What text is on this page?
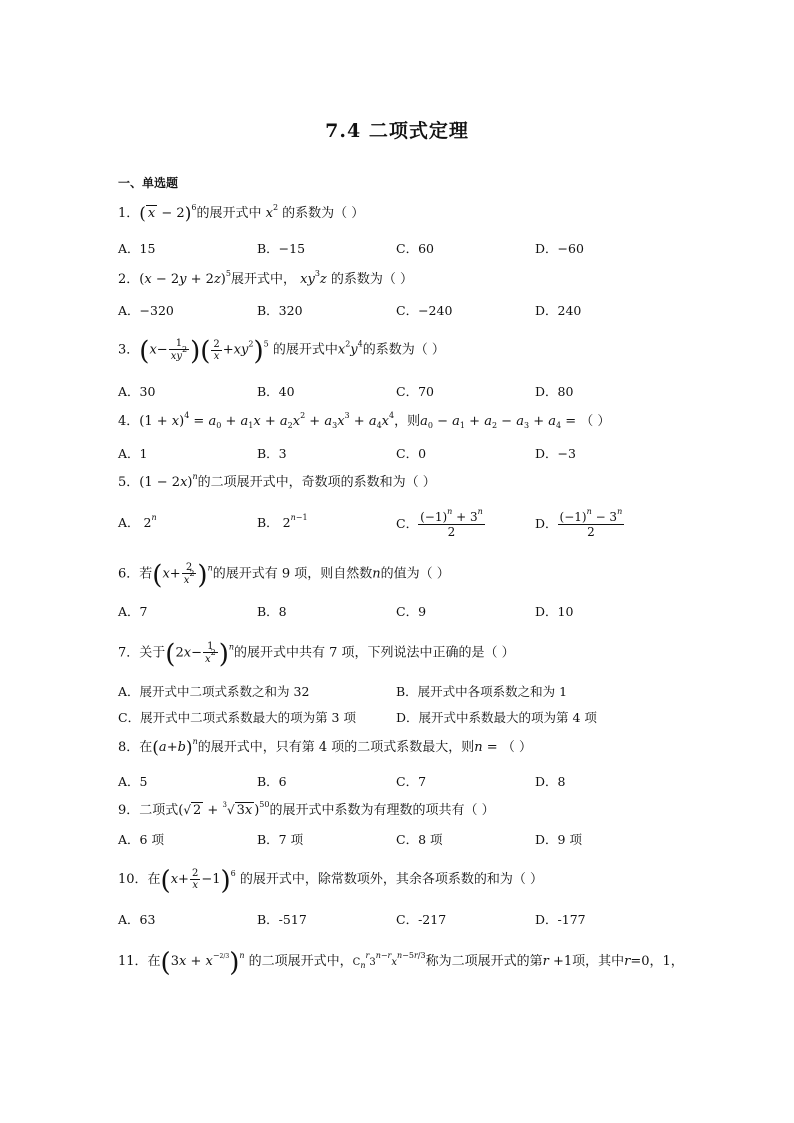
7.4 二项式定理
一、单选题
1．( x − 2)$^6$的展开式中 $x^2$ 的系数为（ ）
A．15	B．−15	C．60	D．−60
2．$(x - 2y + 2z)^5$展开式中， $xy^3z$ 的系数为（ ）
A．−320	B．320	C．−240	D．240
3．($x- \frac{1}{xy^2}$ )( $\frac{2}{x} +xy^2)^5$ 的展开式中$x^2y^4$的系数为（ ）
A．30	B．40	C．70	D．80
4．$(1 + x)^4 = a_0 + a_1x + a_2x^2 + a_3x^3 + a_4x^4$，则$a_0 - a_1 + a_2 - a_3 + a_4$ = （ ）
A．1	B．3	C．0	D．−3
5．$(1 - 2x)^n$的二项展开式中，奇数项的系数和为（ ）
A． 2$^n$	B． $2^{n-1}$	C． $\frac{(-1)^n + 3^n}{2}$	D． $\frac{(-1)^n - 3^n}{2}$
6．若$(x+ \frac{2}{x^2} )^n$的展开式有 9 项，则自然数n的值为（ ）
A．7	B．8	C．9	D．10
7．关于$(2x- \frac{1}{x^2} )^n$的展开式中共有 7 项，下列说法中正确的是（ ）
A．展开式中二项式系数之和为 32	B．展开式中各项系数之和为 1
C．展开式中二项式系数最大的项为第 3 项	D．展开式中系数最大的项为第 4 项
8．在$(a+b)^n$的展开式中，只有第 4 项的二项式系数最大，则n = （ ）
A．5	B．6	C．7	D．8
9．二项式(√ 2 + $^3$√ 3x )$^{50}$的展开式中系数为有理数的项共有（ ）
A．6 项	B．7 项	C．8 项	D．9 项
10．在$(x+ \frac{2}{x} -1)^6$ 的展开式中，除常数项外，其余各项系数的和为（ ）
A．63	B．-517	C．-217	D．-177
11．在$(3x + x^{-2/3})^n$ 的二项展开式中，$C_n^r3^{n-r}x^{n-5r/3}$称为二项展开式的第r +1项，其中r=0，1，
